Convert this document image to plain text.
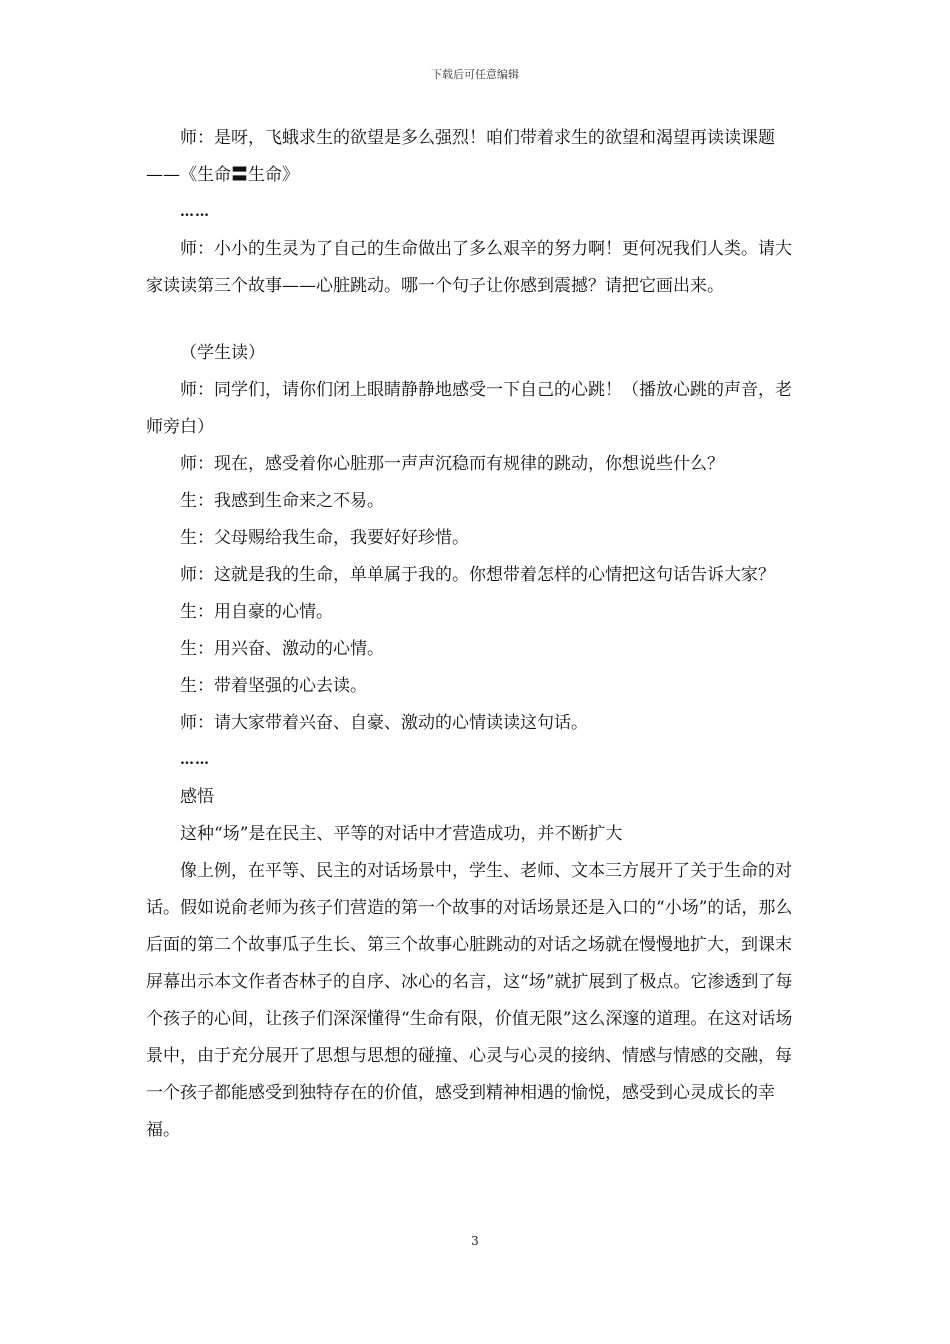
下载后可任意编辑

师：是呀，飞蛾求生的欲望是多么强烈！咱们带着求生的欲望和渴望再读读课题——《生命〓生命》

……

师：小小的生灵为了自己的生命做出了多么艰辛的努力啊！更何况我们人类。请大家读读第三个故事——心脏跳动。哪一个句子让你感到震撼？请把它画出来。

（学生读）

师：同学们，请你们闭上眼睛静静地感受一下自己的心跳！（播放心跳的声音，老师旁白）

师：现在，感受着你心脏那一声声沉稳而有规律的跳动，你想说些什么？

生：我感到生命来之不易。

生：父母赐给我生命，我要好好珍惜。

师：这就是我的生命，单单属于我的。你想带着怎样的心情把这句话告诉大家？

生：用自豪的心情。

生：用兴奋、激动的心情。

生：带着坚强的心去读。

师：请大家带着兴奋、自豪、激动的心情读读这句话。

……

感悟

这种“场”是在民主、平等的对话中才营造成功，并不断扩大

像上例，在平等、民主的对话场景中，学生、老师、文本三方展开了关于生命的对话。假如说俞老师为孩子们营造的第一个故事的对话场景还是入口的“小场”的话，那么后面的第二个故事瓜子生长、第三个故事心脏跳动的对话之场就在慢慢地扩大，到课末屏幕出示本文作者杏林子的自序、冰心的名言，这“场”就扩展到了极点。它渗透到了每个孩子的心间，让孩子们深深懂得“生命有限，价值无限”这么深邃的道理。在这对话场景中，由于充分展开了思想与思想的碰撞、心灵与心灵的接纳、情感与情感的交融，每一个孩子都能感受到独特存在的价值，感受到精神相遇的愉悦，感受到心灵成长的幸福。

3
